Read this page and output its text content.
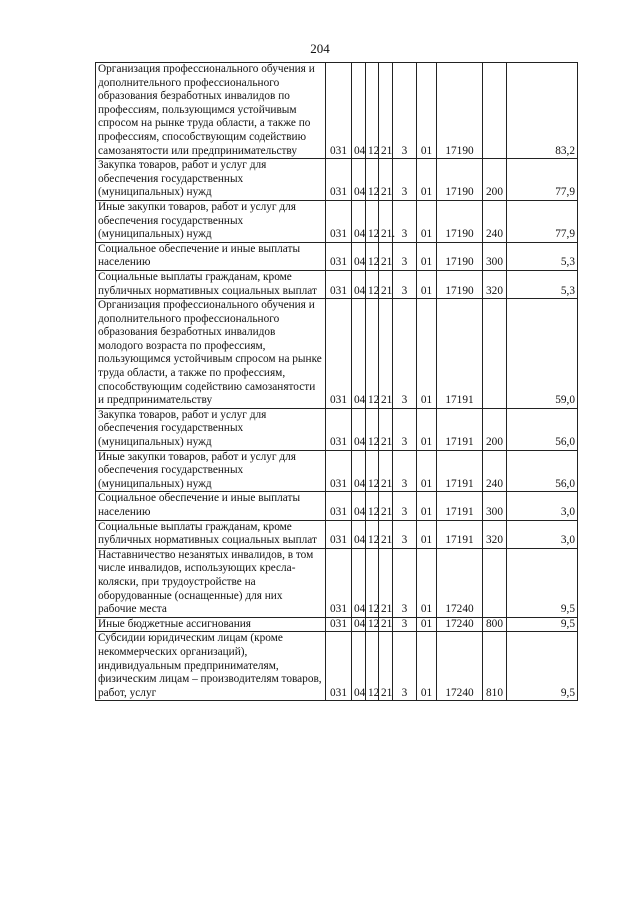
204
Организация профессионального обучения и дополнительного профессионального образования безработных инвалидов по профессиям, пользующимся устойчивым спросом на рынке труда области, а также по профессиям, способствующим содействию самозанятости или предпринимательству	031	04	12	21	3	01	17190		83,2
Закупка товаров, работ и услуг для обеспечения государственных (муниципальных) нужд	031	04	12	21	3	01	17190	200	77,9
Иные закупки товаров, работ и услуг для обеспечения государственных (муниципальных) нужд	031	04	12	21.	3	01	17190	240	77,9
Социальное обеспечение и иные выплаты населению	031	04	12	21	3	01	17190	300	5,3
Социальные выплаты гражданам, кроме публичных нормативных социальных выплат	031	04	12	21	3	01	17190	320	5,3
Организация профессионального обучения и дополнительного профессионального образования безработных инвалидов молодого возраста по профессиям, пользующимся устойчивым спросом на рынке труда области, а также по профессиям, способствующим содействию самозанятости и предпринимательству	031	04	12	21	3	01	17191		59,0
Закупка товаров, работ и услуг для обеспечения государственных (муниципальных) нужд	031	04	12	21	3	01	17191	200	56,0
Иные закупки товаров, работ и услуг для обеспечения государственных (муниципальных) нужд	031	04	12	21	3	01	17191	240	56,0
Социальное обеспечение и иные выплаты населению	031	04	12	21	3	01	17191	300	3,0
Социальные выплаты гражданам, кроме публичных нормативных социальных выплат	031	04	12	21	3	01	17191	320	3,0
Наставничество незанятых инвалидов, в том числе инвалидов, использующих кресла-коляски, при трудоустройстве на оборудованные (оснащенные) для них рабочие места	031	04	12	21	3	01	17240		9,5
Иные бюджетные ассигнования	031	04	12	21	3	01	17240	800	9,5
Субсидии юридическим лицам (кроме некоммерческих организаций), индивидуальным предпринимателям, физическим лицам – производителям товаров, работ, услуг	031	04	12	21	3	01	17240	810	9,5
